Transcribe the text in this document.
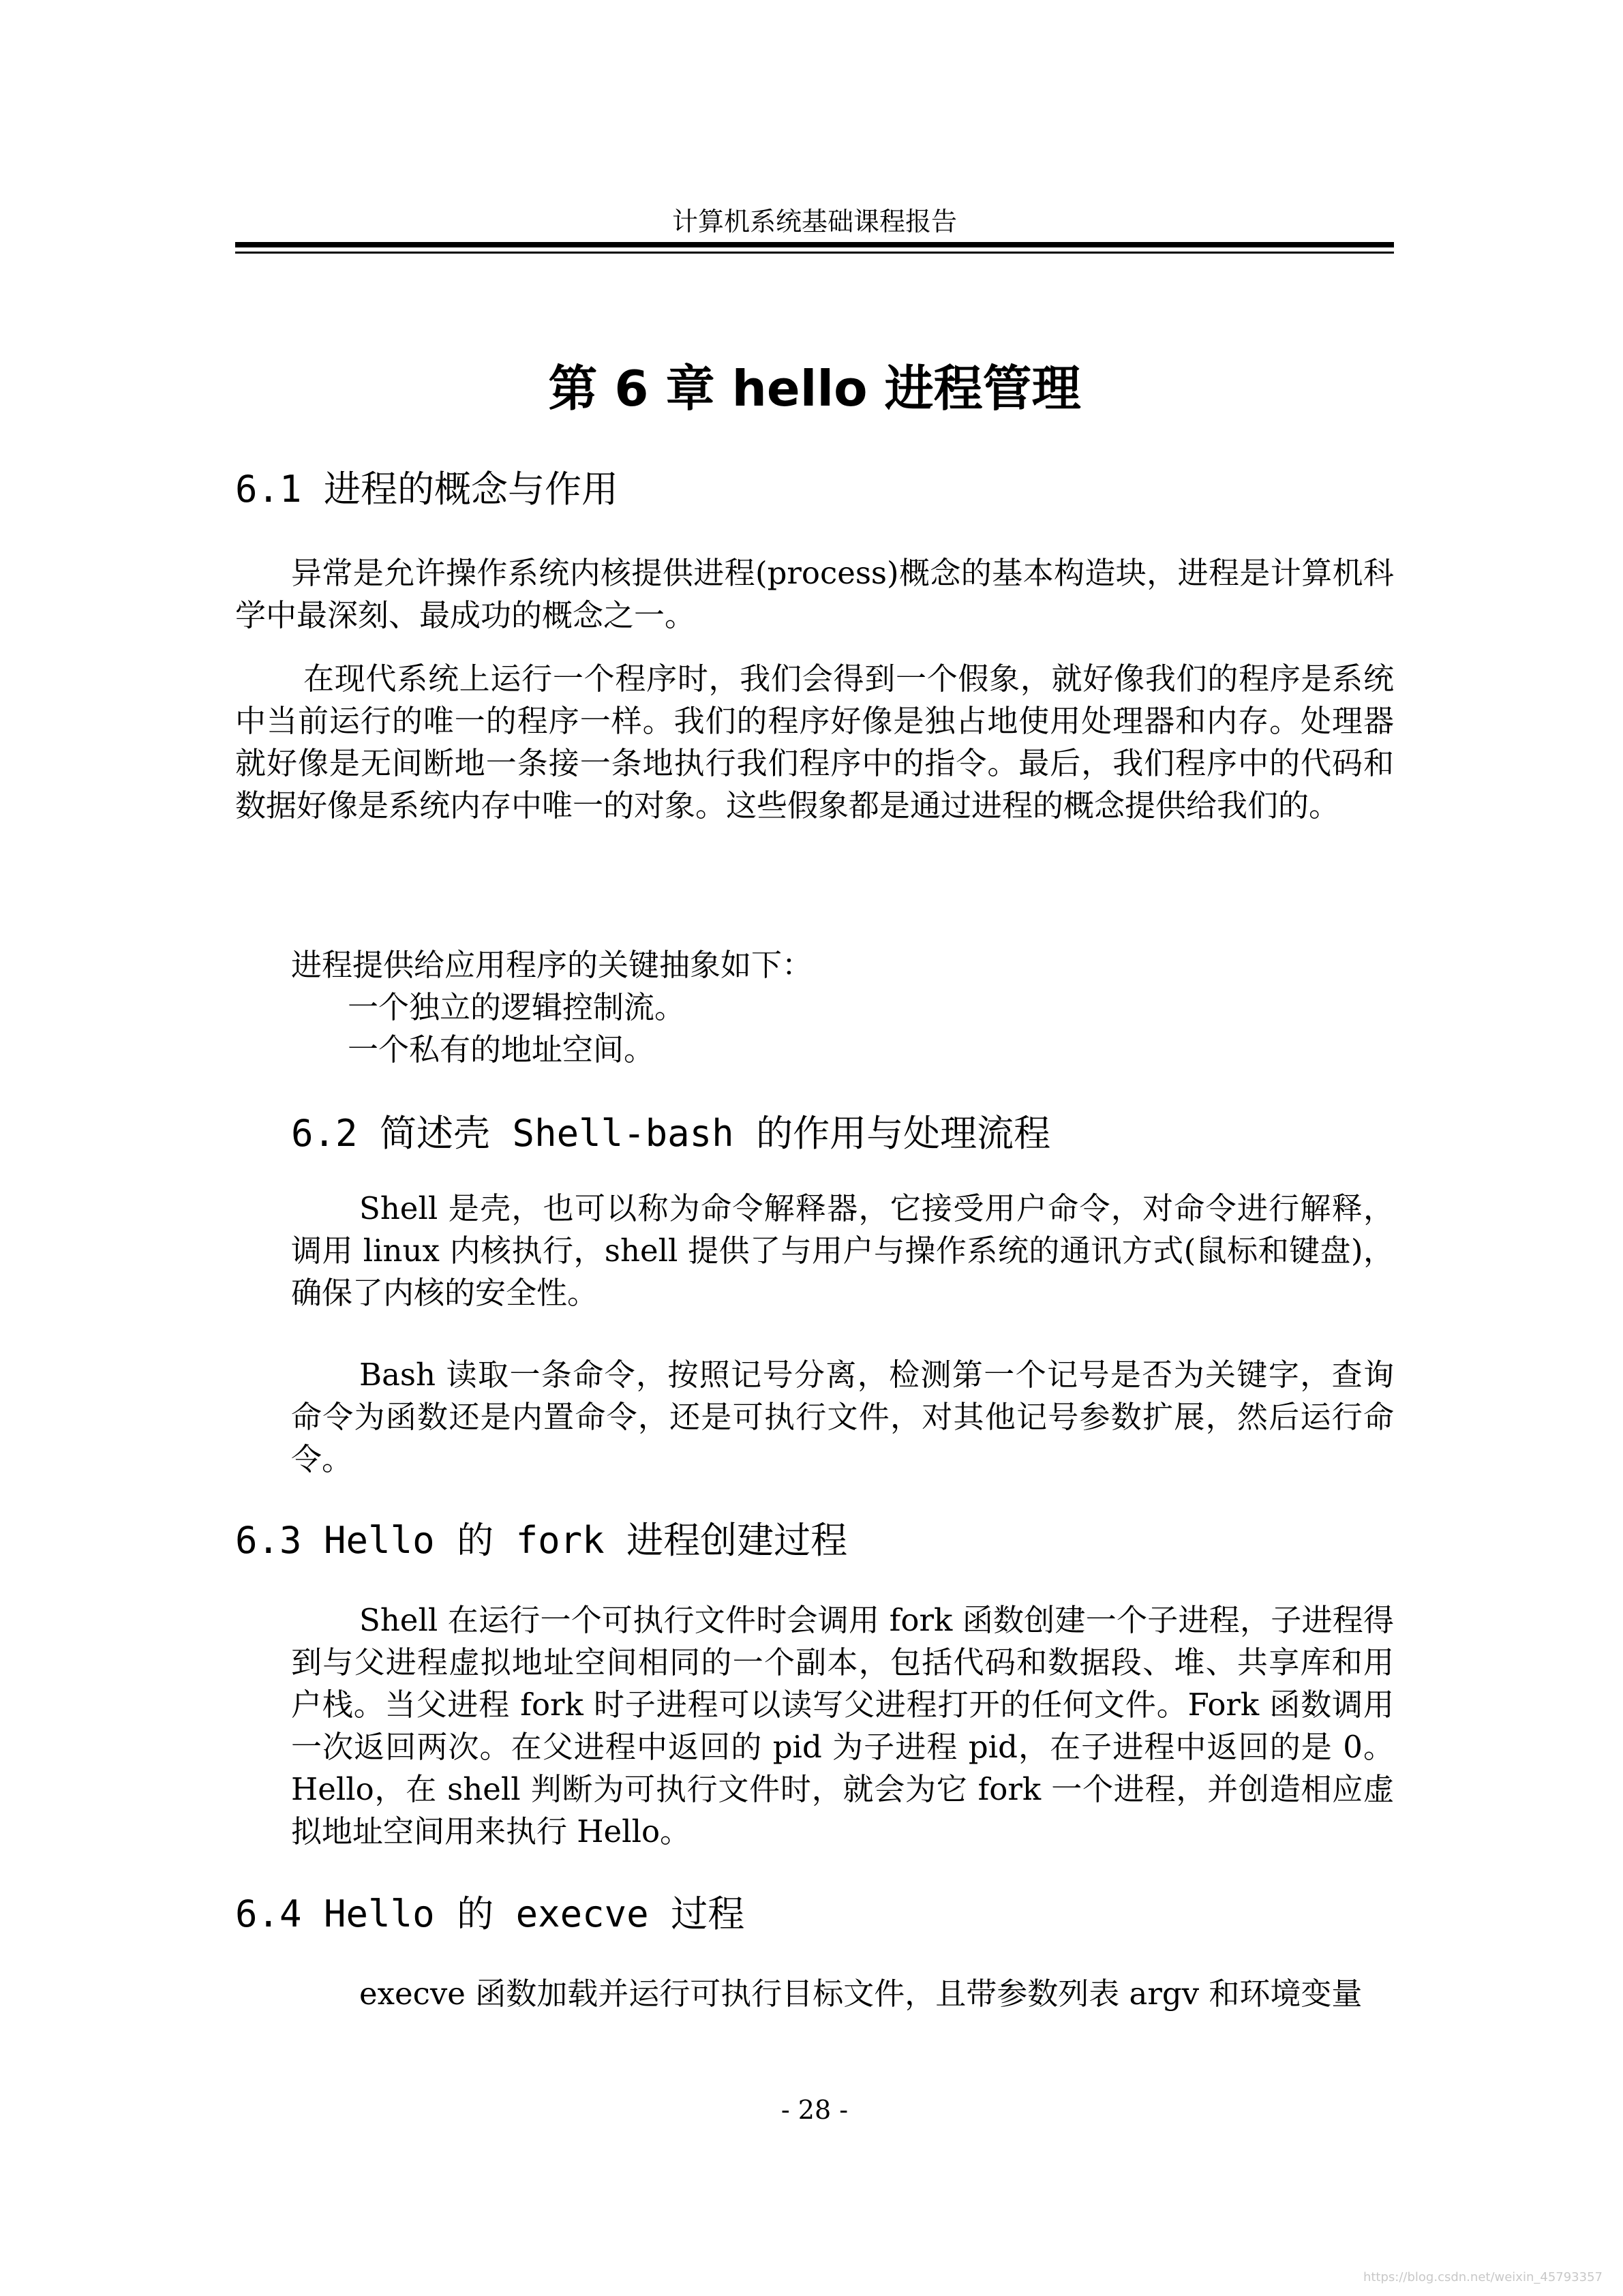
计算机系统基础课程报告
第 6 章 hello 进程管理
6.1 进程的概念与作用
异常是允许操作系统内核提供进程(process)概念的基本构造块，进程是计算机科学中最深刻、最成功的概念之一。
在现代系统上运行一个程序时，我们会得到一个假象，就好像我们的程序是系统中当前运行的唯一的程序一样。我们的程序好像是独占地使用处理器和内存。处理器就好像是无间断地一条接一条地执行我们程序中的指令。最后，我们程序中的代码和数据好像是系统内存中唯一的对象。这些假象都是通过进程的概念提供给我们的。
进程提供给应用程序的关键抽象如下：
一个独立的逻辑控制流。
一个私有的地址空间。
6.2 简述壳 Shell-bash 的作用与处理流程
Shell 是壳，也可以称为命令解释器，它接受用户命令，对命令进行解释，调用 linux 内核执行，shell 提供了与用户与操作系统的通讯方式(鼠标和键盘)，确保了内核的安全性。
Bash 读取一条命令，按照记号分离，检测第一个记号是否为关键字，查询命令为函数还是内置命令，还是可执行文件，对其他记号参数扩展，然后运行命令。
6.3 Hello 的 fork 进程创建过程
Shell 在运行一个可执行文件时会调用 fork 函数创建一个子进程，子进程得到与父进程虚拟地址空间相同的一个副本，包括代码和数据段、堆、共享库和用户栈。当父进程 fork 时子进程可以读写父进程打开的任何文件。Fork 函数调用一次返回两次。在父进程中返回的 pid 为子进程 pid，在子进程中返回的是 0。Hello，在 shell 判断为可执行文件时，就会为它 fork 一个进程，并创造相应虚拟地址空间用来执行 Hello。
6.4 Hello 的 execve 过程
execve 函数加载并运行可执行目标文件，且带参数列表 argv 和环境变量
- 28 -
https://blog.csdn.net/weixin_45793357
